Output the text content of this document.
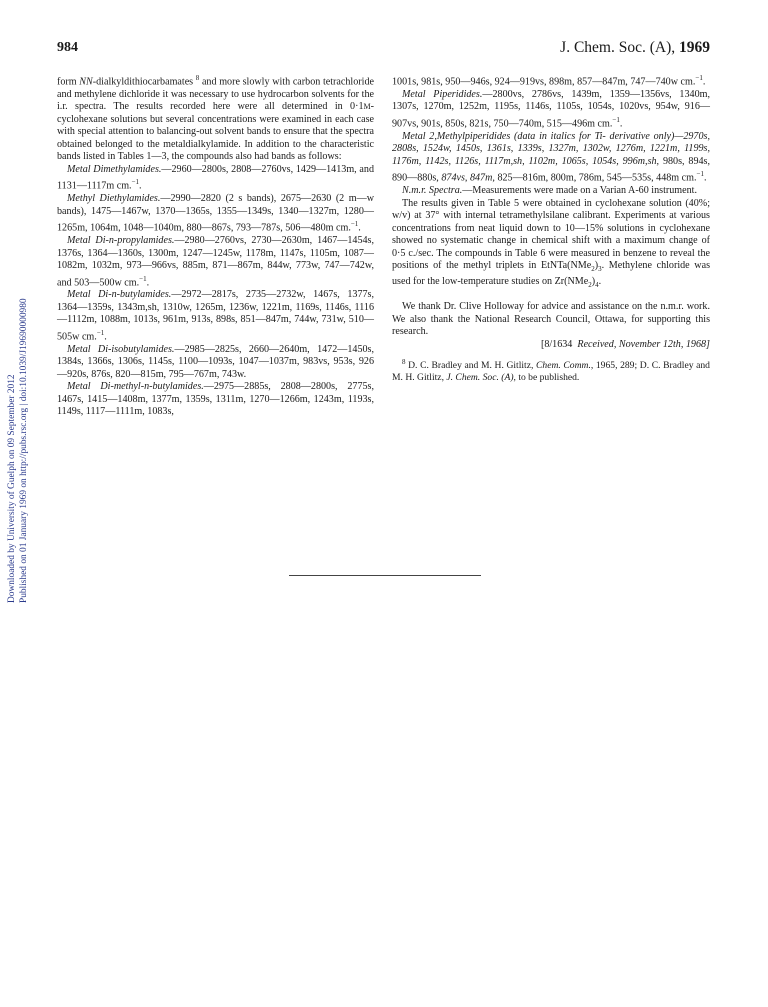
Downloaded by University of Guelph on 09 September 2012 Published on 01 January 1969 on http://pubs.rsc.org | doi:10.1039/J19690000980
984	J. Chem. Soc. (A), 1969

form NN-dialkyldithiocarbamates $^8$ and more slowly with carbon tetrachloride and methylene dichloride it was necessary to use hydrocarbon solvents for the i.r. spectra. The results recorded here were all determined in 0·1M-cyclohexane solutions but several concentrations were examined in each case with special attention to balancing-out solvent bands to ensure that the spectra obtained belonged to the metaldialkylamide. In addition to the characteristic bands listed in Tables 1—3, the compounds also had bands as follows:

Metal Dimethylamides.—2960—2800s, 2808—2760vs, 1429—1413m, and 1131—1117m cm.$^{-1}$.

Methyl Diethylamides.—2990—2820 (2 s bands), 2675—2630 (2 m—w bands), 1475—1467w, 1370—1365s, 1355—1349s, 1340—1327m, 1280—1265m, 1064m, 1048—1040m, 880—867s, 793—787s, 506—480m cm.$^{-1}$.

Metal Di-n-propylamides.—2980—2760vs, 2730—2630m, 1467—1454s, 1376s, 1364—1360s, 1300m, 1247—1245w, 1178m, 1147s, 1105m, 1087—1082m, 1032m, 973—966vs, 885m, 871—867m, 844w, 773w, 747—742w, and 503—500w cm.$^{-1}$.

Metal Di-n-butylamides.—2972—2817s, 2735—2732w, 1467s, 1377s, 1364—1359s, 1343m,sh, 1310w, 1265m, 1236w, 1221m, 1169s, 1146s, 1116—1112m, 1088m, 1013s, 961m, 913s, 898s, 851—847m, 744w, 731w, 510—505w cm.$^{-1}$.

Metal Di-isobutylamides.—2985—2825s, 2660—2640m, 1472—1450s, 1384s, 1366s, 1306s, 1145s, 1100—1093s, 1047—1037m, 983vs, 953s, 926—920s, 876s, 820—815m, 795—767m, 743w.

Metal Di-methyl-n-butylamides.—2975—2885s, 2808—2800s, 2775s, 1467s, 1415—1408m, 1377m, 1359s, 1311m, 1270—1266m, 1243m, 1193s, 1149s, 1117—1111m, 1083s,

1001s, 981s, 950—946s, 924—919vs, 898m, 857—847m, 747—740w cm.$^{-1}$.

Metal Piperidides.—2800vs, 2786vs, 1439m, 1359—1356vs, 1340m, 1307s, 1270m, 1252m, 1195s, 1146s, 1105s, 1054s, 1020vs, 954w, 916—907vs, 901s, 850s, 821s, 750—740m, 515—496m cm.$^{-1}$.

Metal 2,Methylpiperidides (data in italics for Ti- derivative only)—2970s, 2808s, 1524w, 1450s, 1361s, 1339s, 1327m, 1302w, 1276m, 1221m, 1199s, 1176m, 1142s, 1126s, 1117m,sh, 1102m, 1065s, 1054s, 996m,sh, 980s, 894s, 890—880s, 874vs, 847m, 825—816m, 800m, 786m, 545—535s, 448m cm.$^{-1}$.

N.m.r. Spectra.—Measurements were made on a Varian A-60 instrument.

The results given in Table 5 were obtained in cyclohexane solution (40%; w/v) at 37° with internal tetramethylsilane calibrant. Experiments at various concentrations from neat liquid down to 10—15% solutions in cyclohexane showed no systematic change in chemical shift with a maximum change of 0·5 c./sec. The compounds in Table 6 were measured in benzene to reveal the positions of the methyl triplets in $EtNTa(NMe_2)_3$. Methylene chloride was used for the low-temperature studies on $Zr(NMe_2)_4$.

We thank Dr. Clive Holloway for advice and assistance on the n.m.r. work. We also thank the National Research Council, Ottawa, for supporting this research.

[8/1634 Received, November 12th, 1968]

$^8$ D. C. Bradley and M. H. Gitlitz, Chem. Comm., 1965, 289; D. C. Bradley and M. H. Gitlitz, J. Chem. Soc. (A), to be published.
